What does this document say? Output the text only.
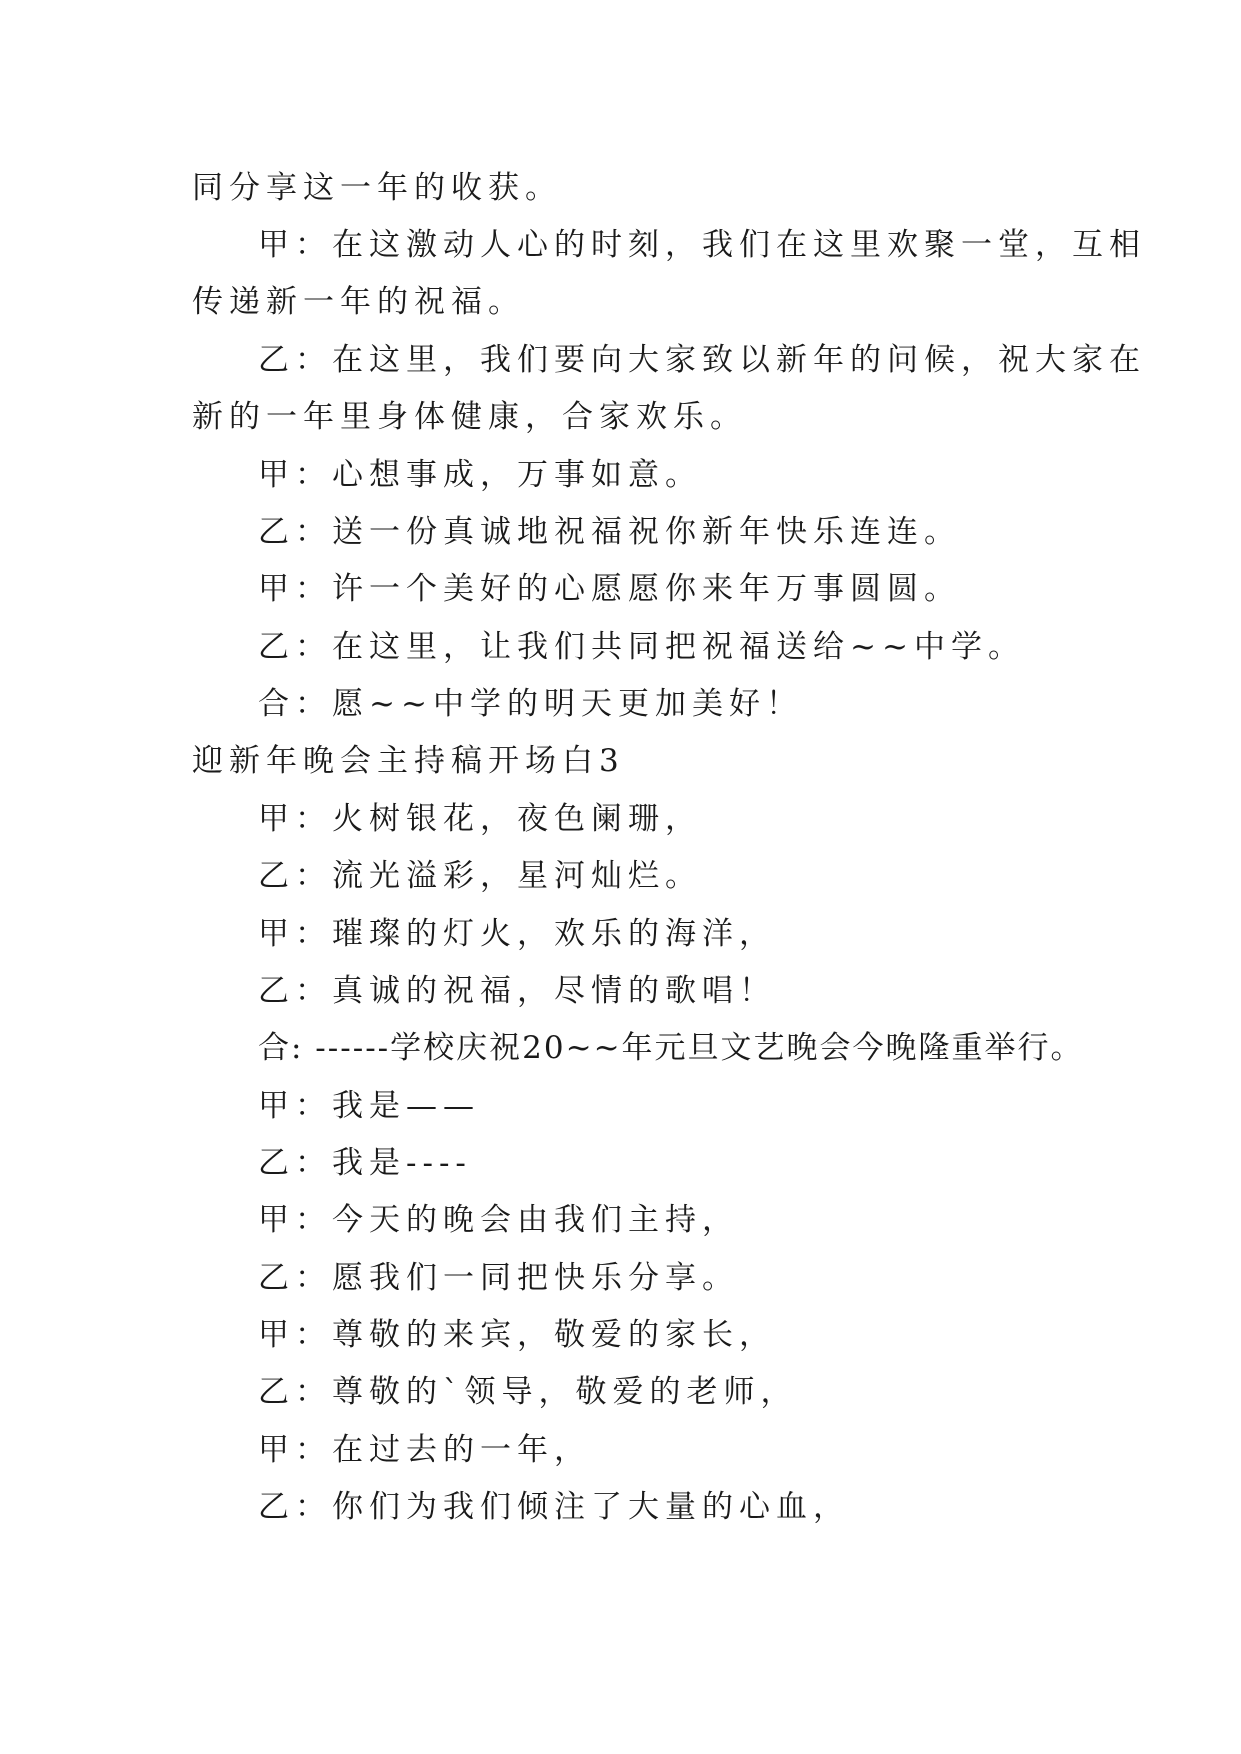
同分享这一年的收获。
甲：在这激动人心的时刻，我们在这里欢聚一堂，互相
传递新一年的祝福。
乙：在这里，我们要向大家致以新年的问候，祝大家在
新的一年里身体健康，合家欢乐。
甲：心想事成，万事如意。
乙：送一份真诚地祝福祝你新年快乐连连。
甲：许一个美好的心愿愿你来年万事圆圆。
乙：在这里，让我们共同把祝福送给~~中学。
合：愿~~中学的明天更加美好！
迎新年晚会主持稿开场白3
甲：火树银花，夜色阑珊，
乙：流光溢彩，星河灿烂。
甲：璀璨的灯火，欢乐的海洋，
乙：真诚的祝福，尽情的歌唱！
合: ------学校庆祝20~~年元旦文艺晚会今晚隆重举行。
甲：我是——
乙：我是----
甲：今天的晚会由我们主持，
乙：愿我们一同把快乐分享。
甲：尊敬的来宾，敬爱的家长，
乙：尊敬的`领导，敬爱的老师，
甲：在过去的一年，
乙：你们为我们倾注了大量的心血，
